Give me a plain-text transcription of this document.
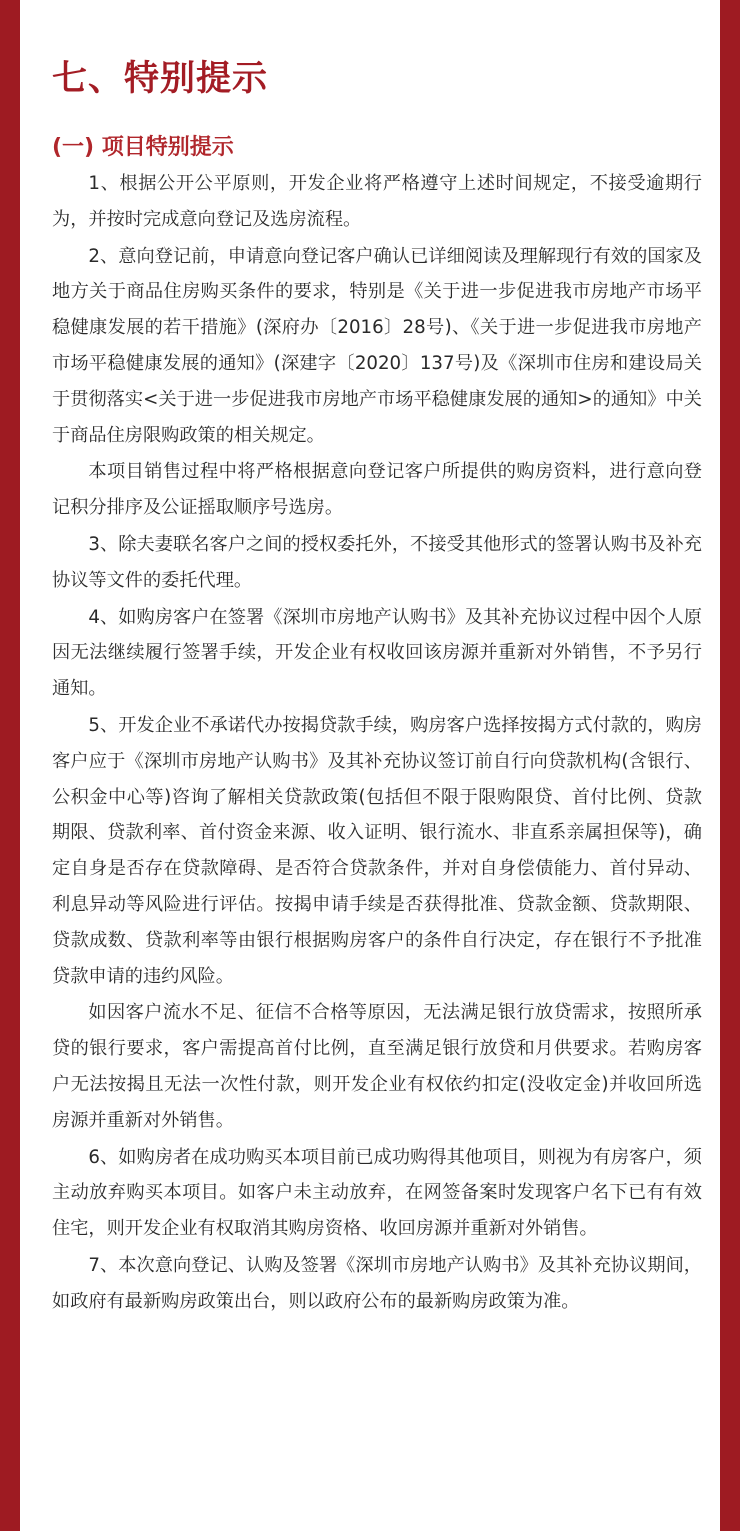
七、特别提示
(一) 项目特别提示

1、根据公开公平原则，开发企业将严格遵守上述时间规定，不接受逾期行为，并按时完成意向登记及选房流程。

2、意向登记前，申请意向登记客户确认已详细阅读及理解现行有效的国家及地方关于商品住房购买条件的要求，特别是《关于进一步促进我市房地产市场平稳健康发展的若干措施》(深府办〔2016〕28号)、《关于进一步促进我市房地产市场平稳健康发展的通知》(深建字〔2020〕137号)及《深圳市住房和建设局关于贯彻落实<关于进一步促进我市房地产市场平稳健康发展的通知>的通知》中关于商品住房限购政策的相关规定。

本项目销售过程中将严格根据意向登记客户所提供的购房资料，进行意向登记积分排序及公证摇取顺序号选房。

3、除夫妻联名客户之间的授权委托外，不接受其他形式的签署认购书及补充协议等文件的委托代理。

4、如购房客户在签署《深圳市房地产认购书》及其补充协议过程中因个人原因无法继续履行签署手续，开发企业有权收回该房源并重新对外销售，不予另行通知。

5、开发企业不承诺代办按揭贷款手续，购房客户选择按揭方式付款的，购房客户应于《深圳市房地产认购书》及其补充协议签订前自行向贷款机构(含银行、公积金中心等)咨询了解相关贷款政策(包括但不限于限购限贷、首付比例、贷款期限、贷款利率、首付资金来源、收入证明、银行流水、非直系亲属担保等)，确定自身是否存在贷款障碍、是否符合贷款条件，并对自身偿债能力、首付异动、利息异动等风险进行评估。按揭申请手续是否获得批准、贷款金额、贷款期限、贷款成数、贷款利率等由银行根据购房客户的条件自行决定，存在银行不予批准贷款申请的违约风险。

如因客户流水不足、征信不合格等原因，无法满足银行放贷需求，按照所承贷的银行要求，客户需提高首付比例，直至满足银行放贷和月供要求。若购房客户无法按揭且无法一次性付款，则开发企业有权依约扣定(没收定金)并收回所选房源并重新对外销售。

6、如购房者在成功购买本项目前已成功购得其他项目，则视为有房客户，须主动放弃购买本项目。如客户未主动放弃，在网签备案时发现客户名下已有有效住宅，则开发企业有权取消其购房资格、收回房源并重新对外销售。

7、本次意向登记、认购及签署《深圳市房地产认购书》及其补充协议期间，如政府有最新购房政策出台，则以政府公布的最新购房政策为准。
